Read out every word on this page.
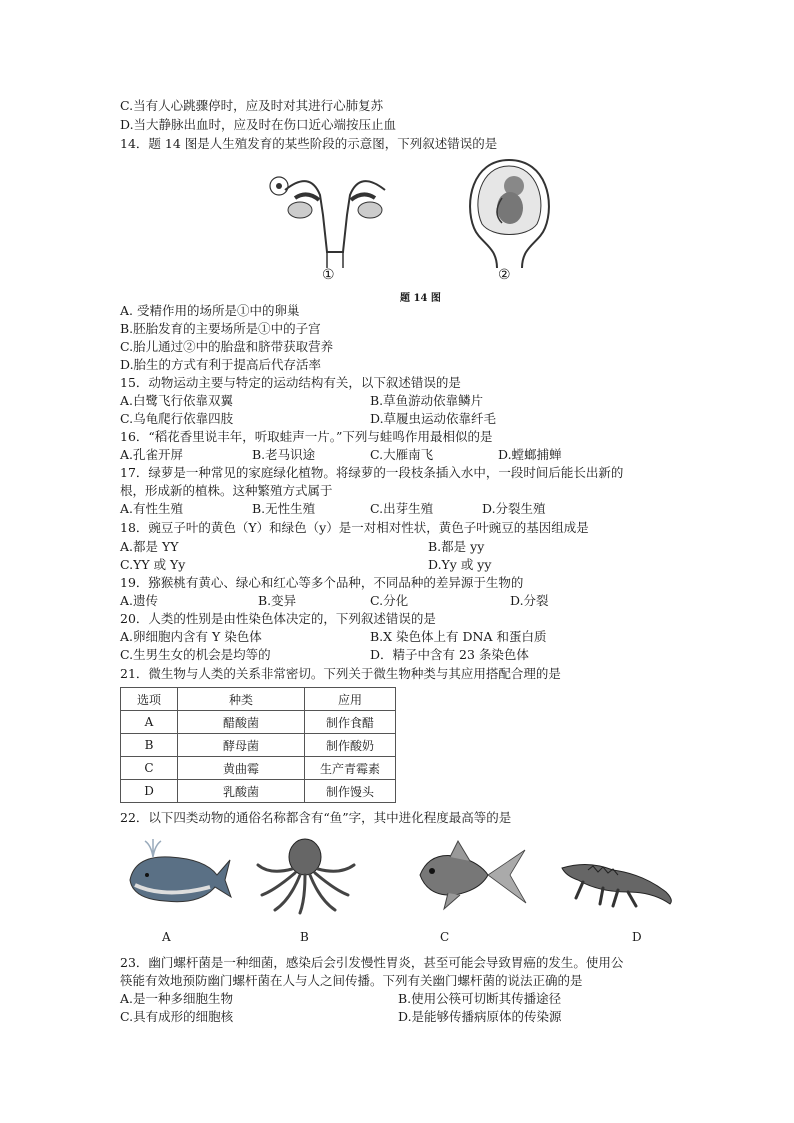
C.当有人心跳骤停时，应及时对其进行心肺复苏
D.当大静脉出血时，应及时在伤口近心端按压止血
14．题 14 图是人生殖发育的某些阶段的示意图，下列叙述错误的是
①	②
题 14 图
A. 受精作用的场所是①中的卵巢
B.胚胎发育的主要场所是①中的子宫
C.胎儿通过②中的胎盘和脐带获取营养
D.胎生的方式有利于提高后代存活率
15．动物运动主要与特定的运动结构有关，以下叙述错误的是
A.白鹭飞行依靠双翼	B.草鱼游动依靠鳞片
C.乌龟爬行依靠四肢	D.草履虫运动依靠纤毛
16．“稻花香里说丰年，听取蛙声一片。”下列与蛙鸣作用最相似的是
A.孔雀开屏	B.老马识途	C.大雁南飞	D.螳螂捕蝉
17．绿萝是一种常见的家庭绿化植物。将绿萝的一段枝条插入水中，一段时间后能长出新的
根，形成新的植株。这种繁殖方式属于
A.有性生殖	B.无性生殖	C.出芽生殖	D.分裂生殖
18．豌豆子叶的黄色（Y）和绿色（y）是一对相对性状，黄色子叶豌豆的基因组成是
A.都是 YY	B.都是 yy
C.YY 或 Yy	D.Yy 或 yy
19．猕猴桃有黄心、绿心和红心等多个品种，不同品种的差异源于生物的
A.遗传	B.变异	C.分化	D.分裂
20．人类的性别是由性染色体决定的，下列叙述错误的是
A.卵细胞内含有 Y 染色体	B.X 染色体上有 DNA 和蛋白质
C.生男生女的机会是均等的	D．精子中含有 23 条染色体
21．微生物与人类的关系非常密切。下列关于微生物种类与其应用搭配合理的是
选项	种类	应用
A	醋酸菌	制作食醋
B	酵母菌	制作酸奶
C	黄曲霉	生产青霉素
D	乳酸菌	制作馒头
22．以下四类动物的通俗名称都含有“鱼”字，其中进化程度最高等的是
A	B	C	D
23．幽门螺杆菌是一种细菌，感染后会引发慢性胃炎，甚至可能会导致胃癌的发生。使用公
筷能有效地预防幽门螺杆菌在人与人之间传播。下列有关幽门螺杆菌的说法正确的是
A.是一种多细胞生物	B.使用公筷可切断其传播途径
C.具有成形的细胞核	D.是能够传播病原体的传染源
